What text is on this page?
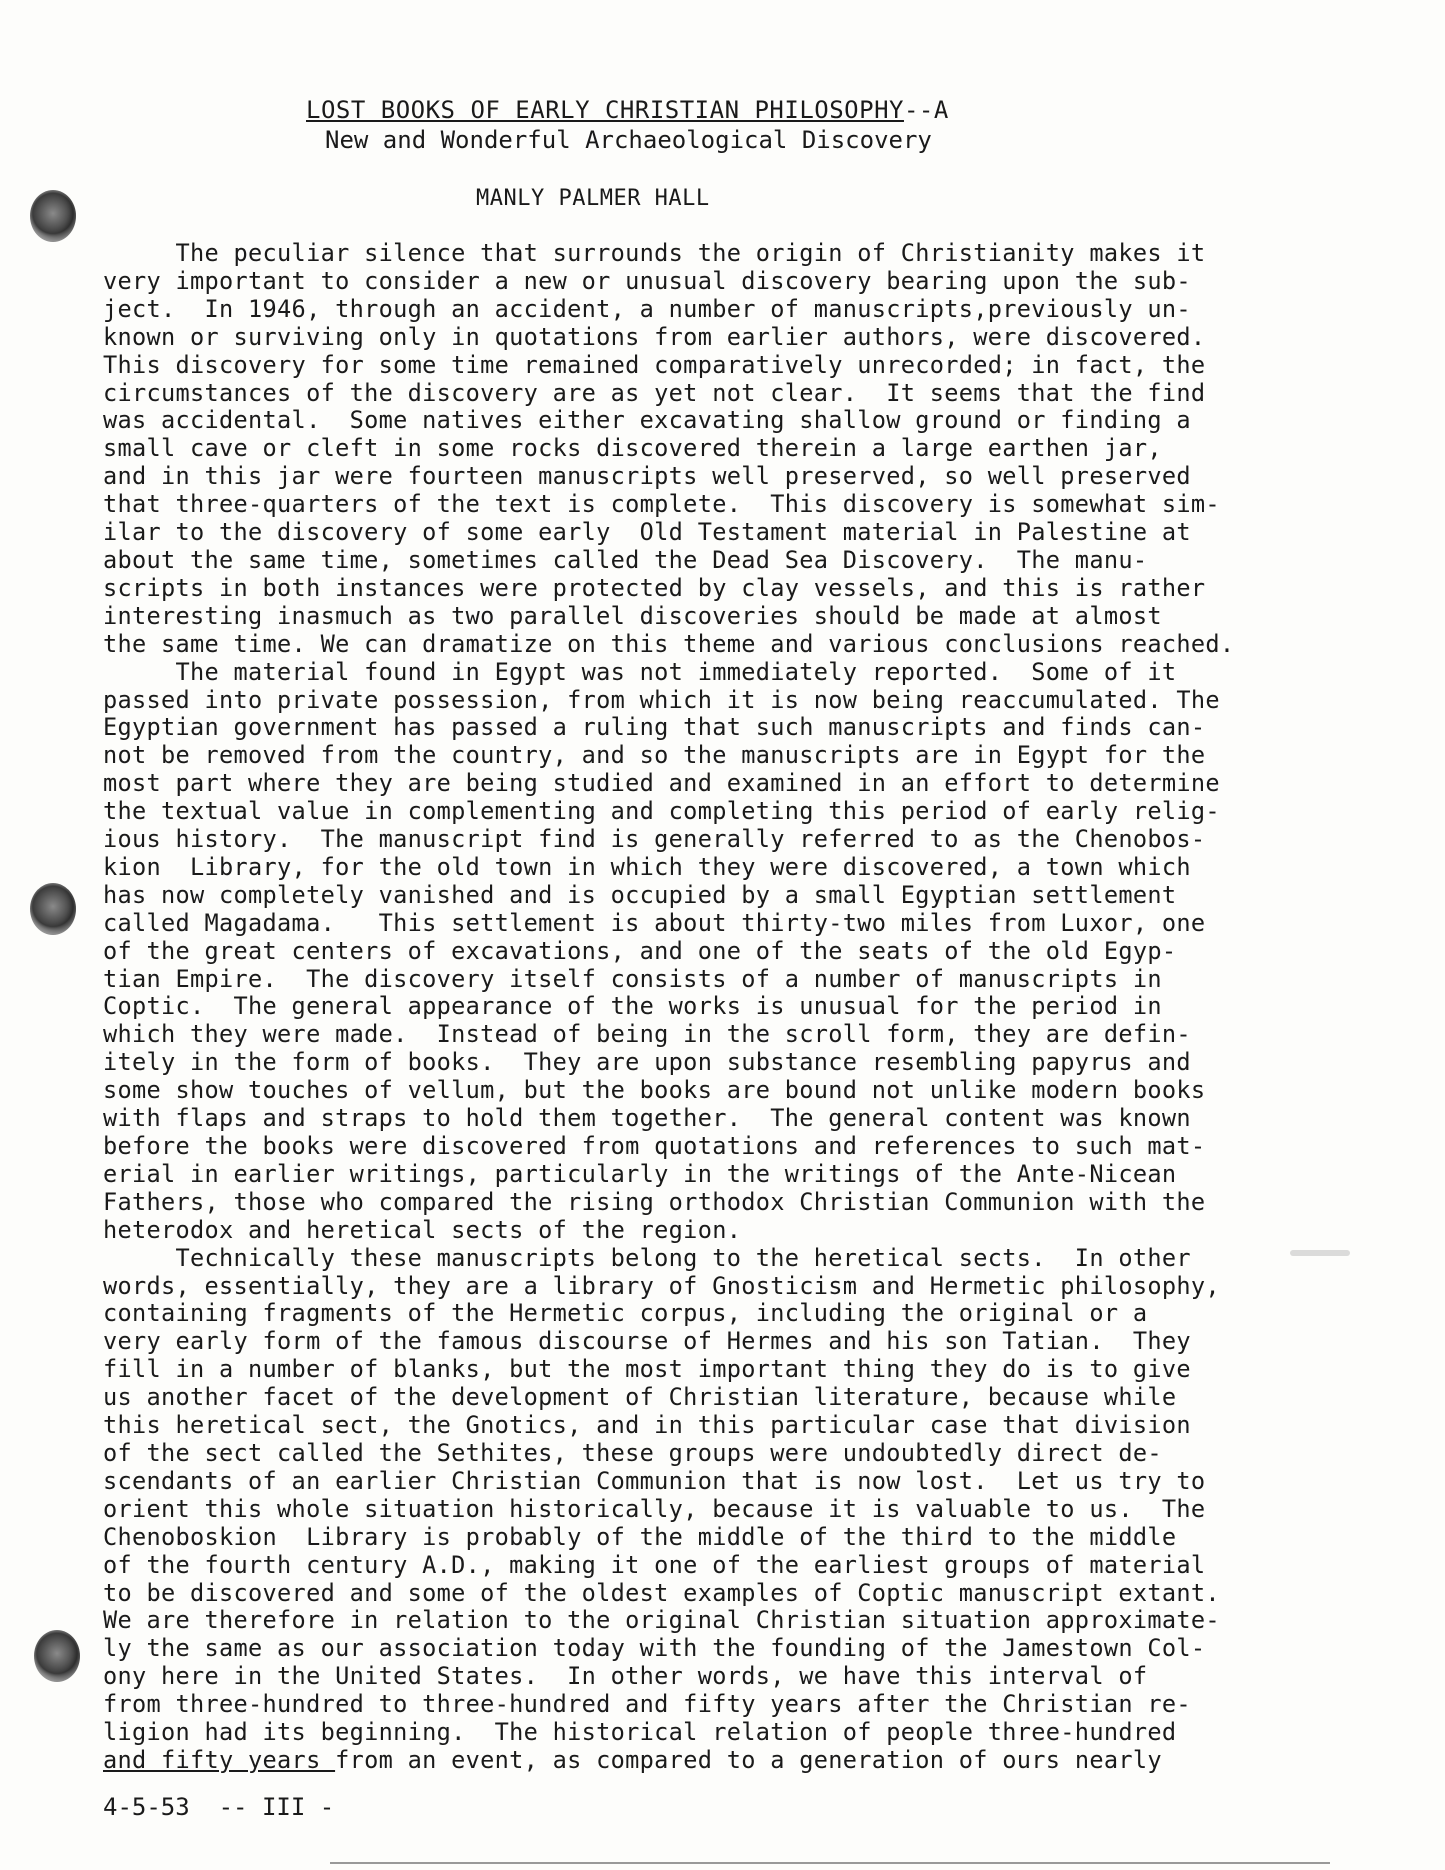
LOST BOOKS OF EARLY CHRISTIAN PHILOSOPHY--A
New and Wonderful Archaeological Discovery
MANLY PALMER HALL
The peculiar silence that surrounds the origin of Christianity makes it
very important to consider a new or unusual discovery bearing upon the sub-
ject.  In 1946, through an accident, a number of manuscripts,previously un-
known or surviving only in quotations from earlier authors, were discovered.
This discovery for some time remained comparatively unrecorded; in fact, the
circumstances of the discovery are as yet not clear.  It seems that the find
was accidental.  Some natives either excavating shallow ground or finding a
small cave or cleft in some rocks discovered therein a large earthen jar,
and in this jar were fourteen manuscripts well preserved, so well preserved
that three-quarters of the text is complete.  This discovery is somewhat sim-
ilar to the discovery of some early  Old Testament material in Palestine at
about the same time, sometimes called the Dead Sea Discovery.  The manu-
scripts in both instances were protected by clay vessels, and this is rather
interesting inasmuch as two parallel discoveries should be made at almost
the same time. We can dramatize on this theme and various conclusions reached.
The material found in Egypt was not immediately reported.  Some of it
passed into private possession, from which it is now being reaccumulated. The
Egyptian government has passed a ruling that such manuscripts and finds can-
not be removed from the country, and so the manuscripts are in Egypt for the
most part where they are being studied and examined in an effort to determine
the textual value in complementing and completing this period of early relig-
ious history.  The manuscript find is generally referred to as the Chenobos-
kion  Library, for the old town in which they were discovered, a town which
has now completely vanished and is occupied by a small Egyptian settlement
called Magadama.   This settlement is about thirty-two miles from Luxor, one
of the great centers of excavations, and one of the seats of the old Egyp-
tian Empire.  The discovery itself consists of a number of manuscripts in
Coptic.  The general appearance of the works is unusual for the period in
which they were made.  Instead of being in the scroll form, they are defin-
itely in the form of books.  They are upon substance resembling papyrus and
some show touches of vellum, but the books are bound not unlike modern books
with flaps and straps to hold them together.  The general content was known
before the books were discovered from quotations and references to such mat-
erial in earlier writings, particularly in the writings of the Ante-Nicean
Fathers, those who compared the rising orthodox Christian Communion with the
heterodox and heretical sects of the region.
Technically these manuscripts belong to the heretical sects.  In other
words, essentially, they are a library of Gnosticism and Hermetic philosophy,
containing fragments of the Hermetic corpus, including the original or a
very early form of the famous discourse of Hermes and his son Tatian.  They
fill in a number of blanks, but the most important thing they do is to give
us another facet of the development of Christian literature, because while
this heretical sect, the Gnotics, and in this particular case that division
of the sect called the Sethites, these groups were undoubtedly direct de-
scendants of an earlier Christian Communion that is now lost.  Let us try to
orient this whole situation historically, because it is valuable to us.  The
Chenoboskion  Library is probably of the middle of the third to the middle
of the fourth century A.D., making it one of the earliest groups of material
to be discovered and some of the oldest examples of Coptic manuscript extant.
We are therefore in relation to the original Christian situation approximate-
ly the same as our association today with the founding of the Jamestown Col-
ony here in the United States.  In other words, we have this interval of
from three-hundred to three-hundred and fifty years after the Christian re-
ligion had its beginning.  The historical relation of people three-hundred
and fifty years from an event, as compared to a generation of ours nearly
4-5-53  -- III -
